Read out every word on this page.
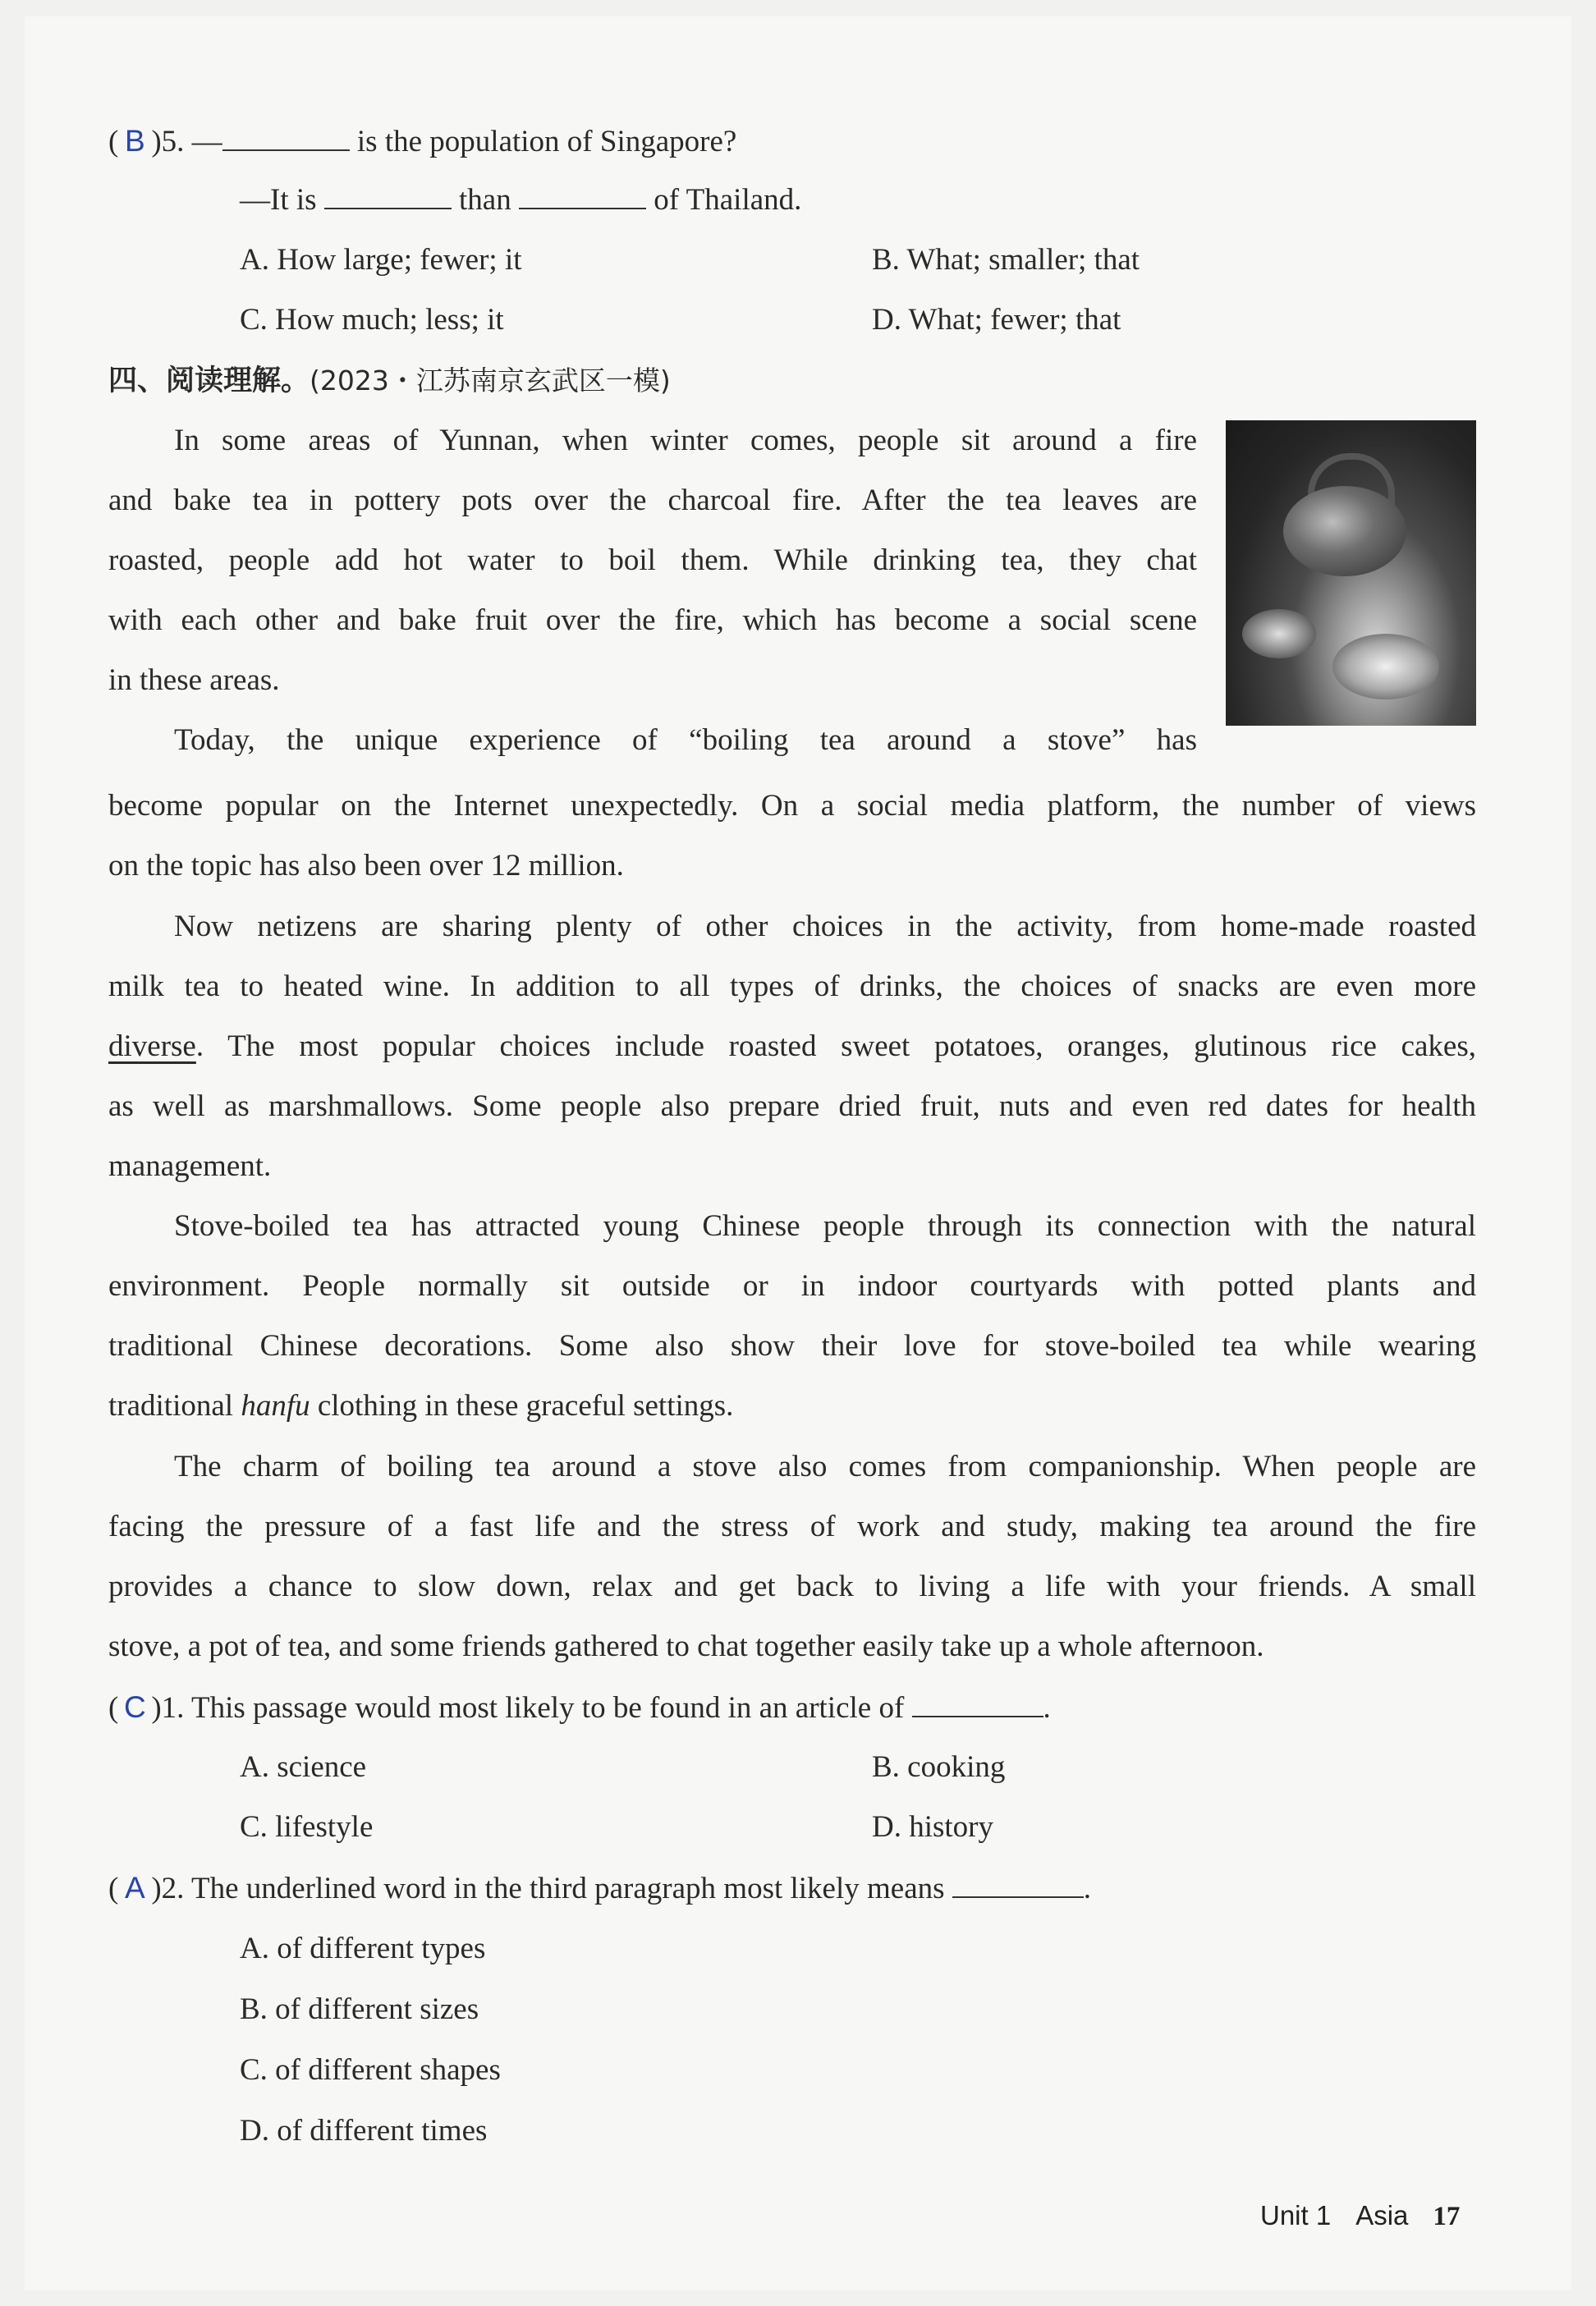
( B )5. —	is the population of Singapore?
—It is	than	of Thailand.
A. How large; fewer; it	B. What; smaller; that
C. How much; less; it	D. What; fewer; that
四、阅读理解。(2023・江苏南京玄武区一模)
In some areas of Yunnan, when winter comes, people sit around a fire
and bake tea in pottery pots over the charcoal fire. After the tea leaves are
roasted, people add hot water to boil them. While drinking tea, they chat
with each other and bake fruit over the fire, which has become a social scene
in these areas.
Today, the unique experience of “boiling tea around a stove” has
become popular on the Internet unexpectedly. On a social media platform, the number of views
on the topic has also been over 12 million.
Now netizens are sharing plenty of other choices in the activity, from home-made roasted
milk tea to heated wine. In addition to all types of drinks, the choices of snacks are even more
diverse. The most popular choices include roasted sweet potatoes, oranges, glutinous rice cakes,
as well as marshmallows. Some people also prepare dried fruit, nuts and even red dates for health
management.
Stove-boiled tea has attracted young Chinese people through its connection with the natural
environment. People normally sit outside or in indoor courtyards with potted plants and
traditional Chinese decorations. Some also show their love for stove-boiled tea while wearing
traditional hanfu clothing in these graceful settings.
The charm of boiling tea around a stove also comes from companionship. When people are
facing the pressure of a fast life and the stress of work and study, making tea around the fire
provides a chance to slow down, relax and get back to living a life with your friends. A small
stove, a pot of tea, and some friends gathered to chat together easily take up a whole afternoon.
( C )1. This passage would most likely to be found in an article of	.
A. science	B. cooking
C. lifestyle	D. history
( A )2. The underlined word in the third paragraph most likely means	.
A. of different types
B. of different sizes
C. of different shapes
D. of different times
Unit 1 Asia 17
